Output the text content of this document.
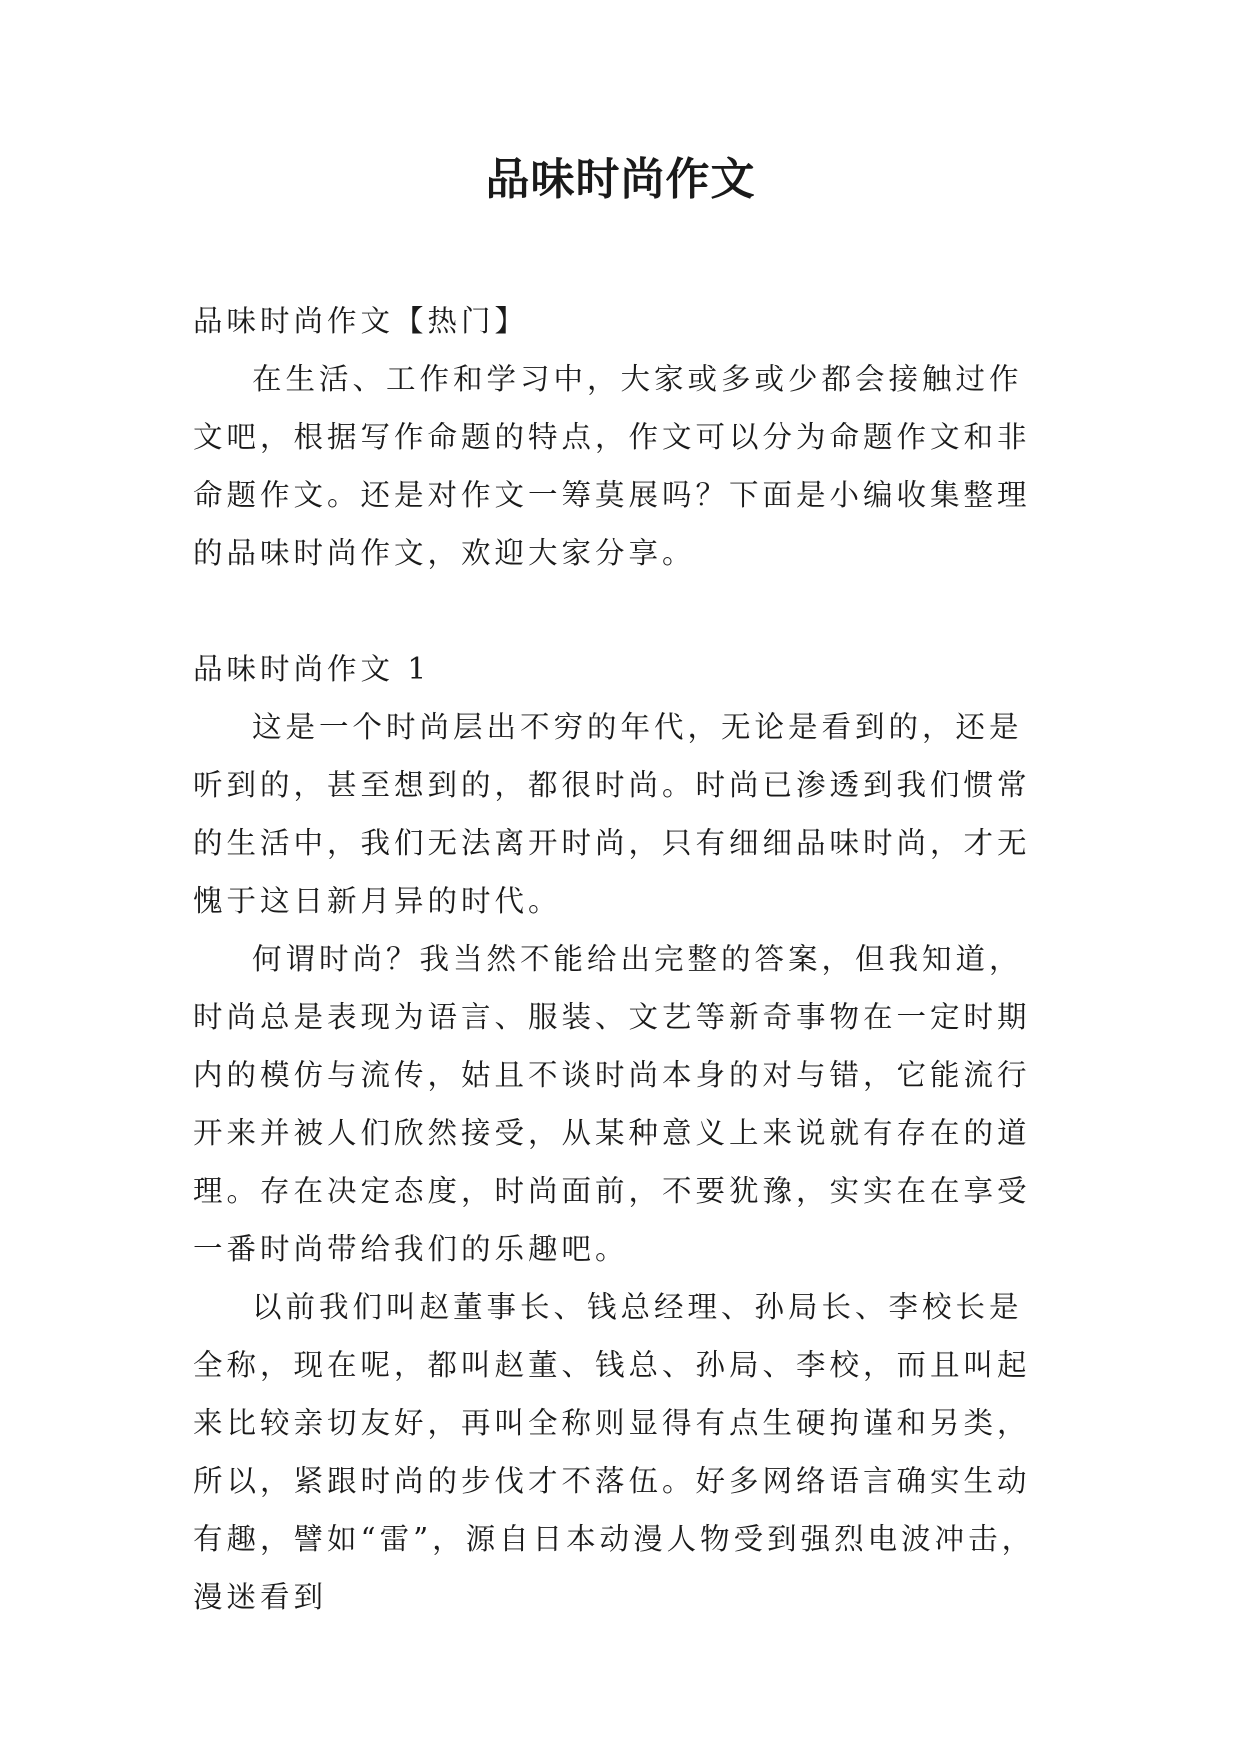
品味时尚作文

品味时尚作文【热门】

在生活、工作和学习中，大家或多或少都会接触过作文吧，根据写作命题的特点，作文可以分为命题作文和非命题作文。还是对作文一筹莫展吗？下面是小编收集整理的品味时尚作文，欢迎大家分享。

品味时尚作文 1

这是一个时尚层出不穷的年代，无论是看到的，还是听到的，甚至想到的，都很时尚。时尚已渗透到我们惯常的生活中，我们无法离开时尚，只有细细品味时尚，才无愧于这日新月异的时代。

何谓时尚？我当然不能给出完整的答案，但我知道，时尚总是表现为语言、服装、文艺等新奇事物在一定时期内的模仿与流传，姑且不谈时尚本身的对与错，它能流行开来并被人们欣然接受，从某种意义上来说就有存在的道理。存在决定态度，时尚面前，不要犹豫，实实在在享受一番时尚带给我们的乐趣吧。

以前我们叫赵董事长、钱总经理、孙局长、李校长是全称，现在呢，都叫赵董、钱总、孙局、李校，而且叫起来比较亲切友好，再叫全称则显得有点生硬拘谨和另类，所以，紧跟时尚的步伐才不落伍。好多网络语言确实生动有趣，譬如“雷”，源自日本动漫人物受到强烈电波冲击，漫迷看到
